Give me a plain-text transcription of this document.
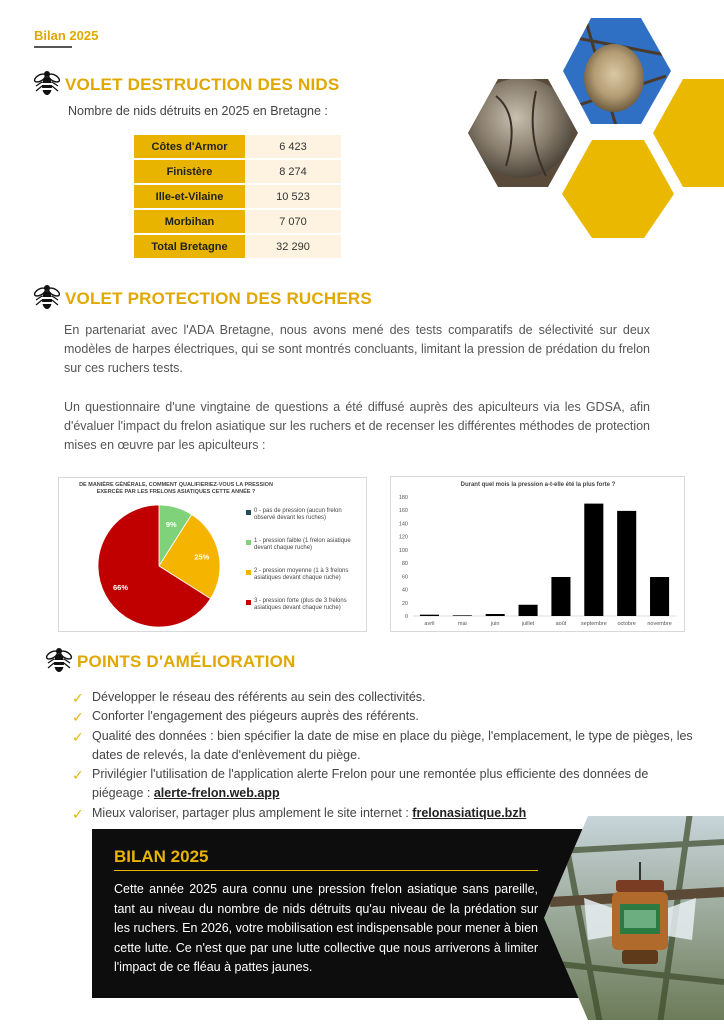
Bilan 2025
VOLET DESTRUCTION DES NIDS
Nombre de nids détruits en 2025 en Bretagne :
Côtes d'Armor	6 423
Finistère	8 274
Ille-et-Vilaine	10 523
Morbihan	7 070
Total Bretagne	32 290
VOLET PROTECTION DES RUCHERS
En partenariat avec l'ADA Bretagne, nous avons mené des tests comparatifs de sélectivité sur deux modèles de harpes électriques, qui se sont montrés concluants, limitant la pression de prédation du frelon sur ces ruchers tests.
Un questionnaire d'une vingtaine de questions a été diffusé auprès des apiculteurs via les GDSA, afin d'évaluer l'impact du frelon asiatique sur les ruchers et de recenser les différentes méthodes de protection mises en œuvre par les apiculteurs :
DE MANIÈRE GÉNÉRALE, COMMENT QUALIFIERIEZ-VOUS LA PRESSION EXERCÉE PAR LES FRELONS ASIATIQUES CETTE ANNÉE ?
9%
25%
66%
0 - pas de pression (aucun frelon observé devant les ruches)
1 - pression faible (1 frelon asiatique devant chaque ruche)
2 - pression moyenne (1 à 3 frelons asiatiques devant chaque ruche)
3 - pression forte (plus de 3 frelons asiatiques devant chaque ruche)
Durant quel mois la pression a-t-elle été la plus forte ?
0
20
40
60
80
100
120
140
160
180
avril	mai	juin	juillet	août	septembre octobre novembre
POINTS D'AMÉLIORATION
✓ Développer le réseau des référents au sein des collectivités.
✓ Conforter l'engagement des piégeurs auprès des référents.
✓ Qualité des données : bien spécifier la date de mise en place du piège, l'emplacement, le type de pièges, les dates de relevés, la date d'enlèvement du piège.
✓ Privilégier l'utilisation de l'application alerte Frelon pour une remontée plus efficiente des données de piégeage : alerte-frelon.web.app
✓ Mieux valoriser, partager plus amplement le site internet : frelonasiatique.bzh
BILAN 2025
Cette année 2025 aura connu une pression frelon asiatique sans pareille, tant au niveau du nombre de nids détruits qu'au niveau de la prédation sur les ruchers. En 2026, votre mobilisation est indispensable pour mener à bien cette lutte. Ce n'est que par une lutte collective que nous arriverons à limiter l'impact de ce fléau à pattes jaunes.
